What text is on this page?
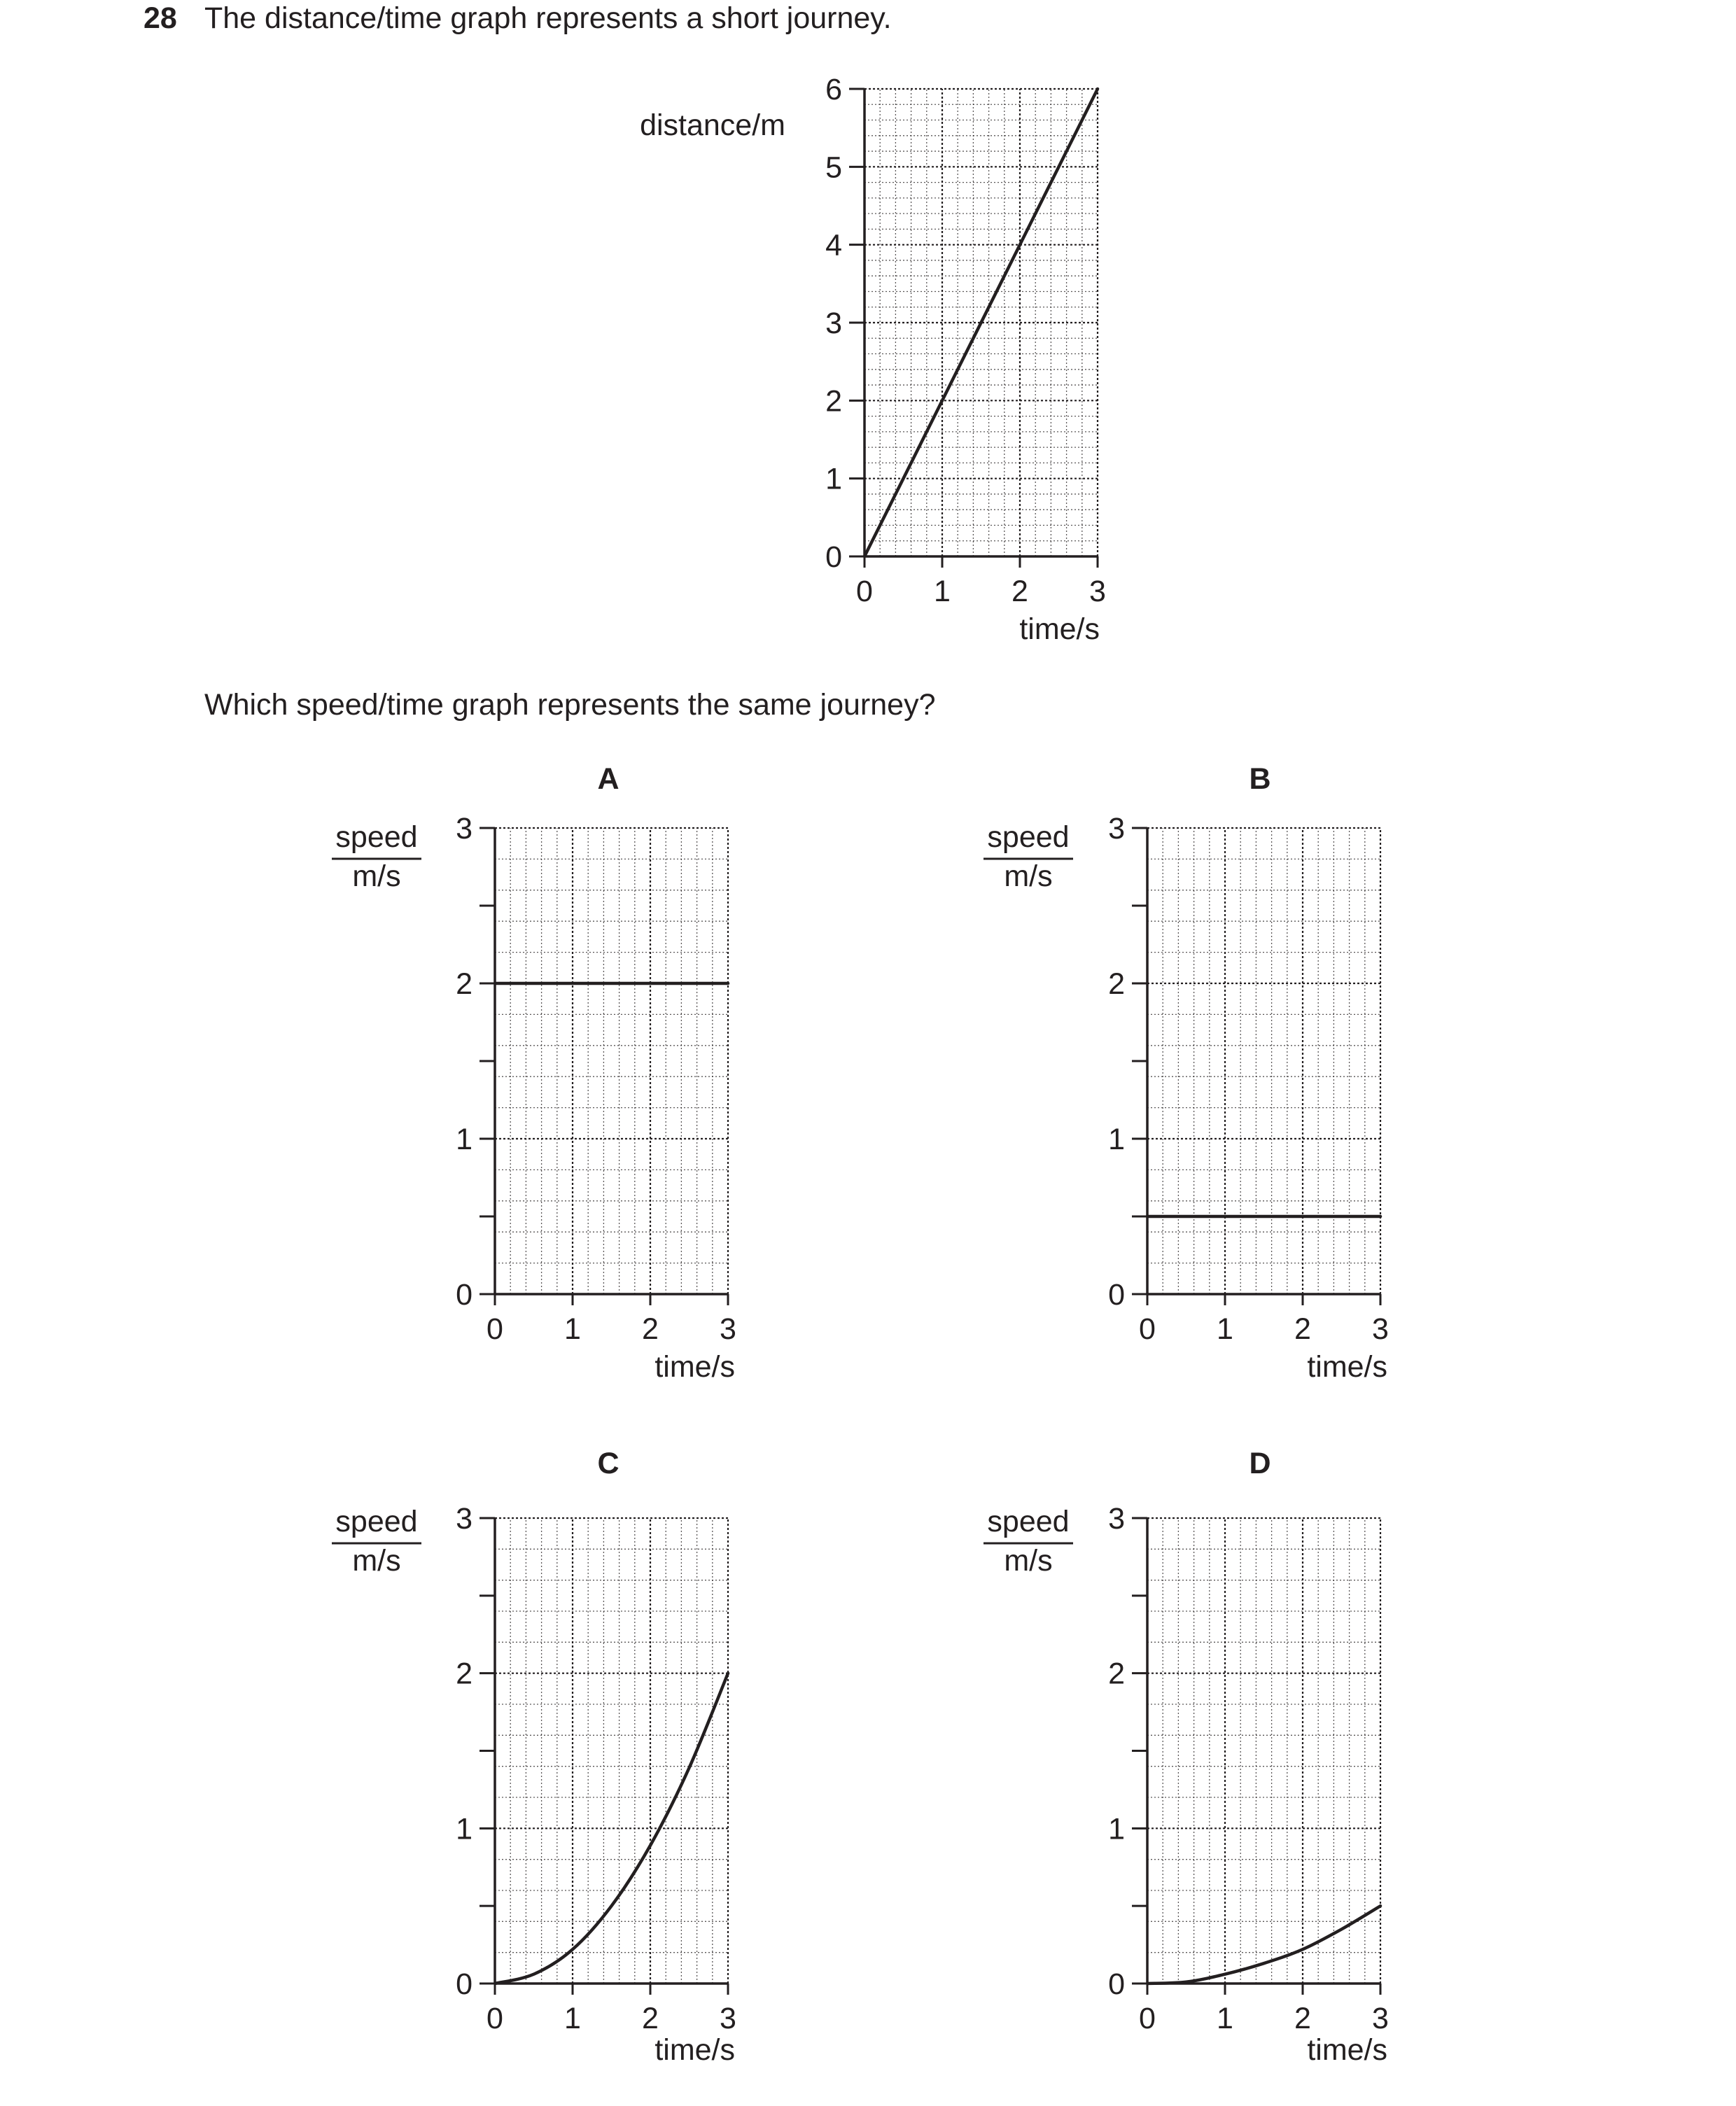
28 The distance/time graph represents a short journey.
Which speed/time graph represents the same journey?
0 1 2 3
0
1
2
3
4
5
6
distance/m
time/s
A
0 1 2 3
0
1
2
3
speed
m/s
time/s
B
0 1 2 3
0
1
2
3
speed
m/s
time/s
C
0 1 2 3
0
1
2
3
speed
m/s
time/s
D
0 1 2 3
0
1
2
3
speed
m/s
time/s
